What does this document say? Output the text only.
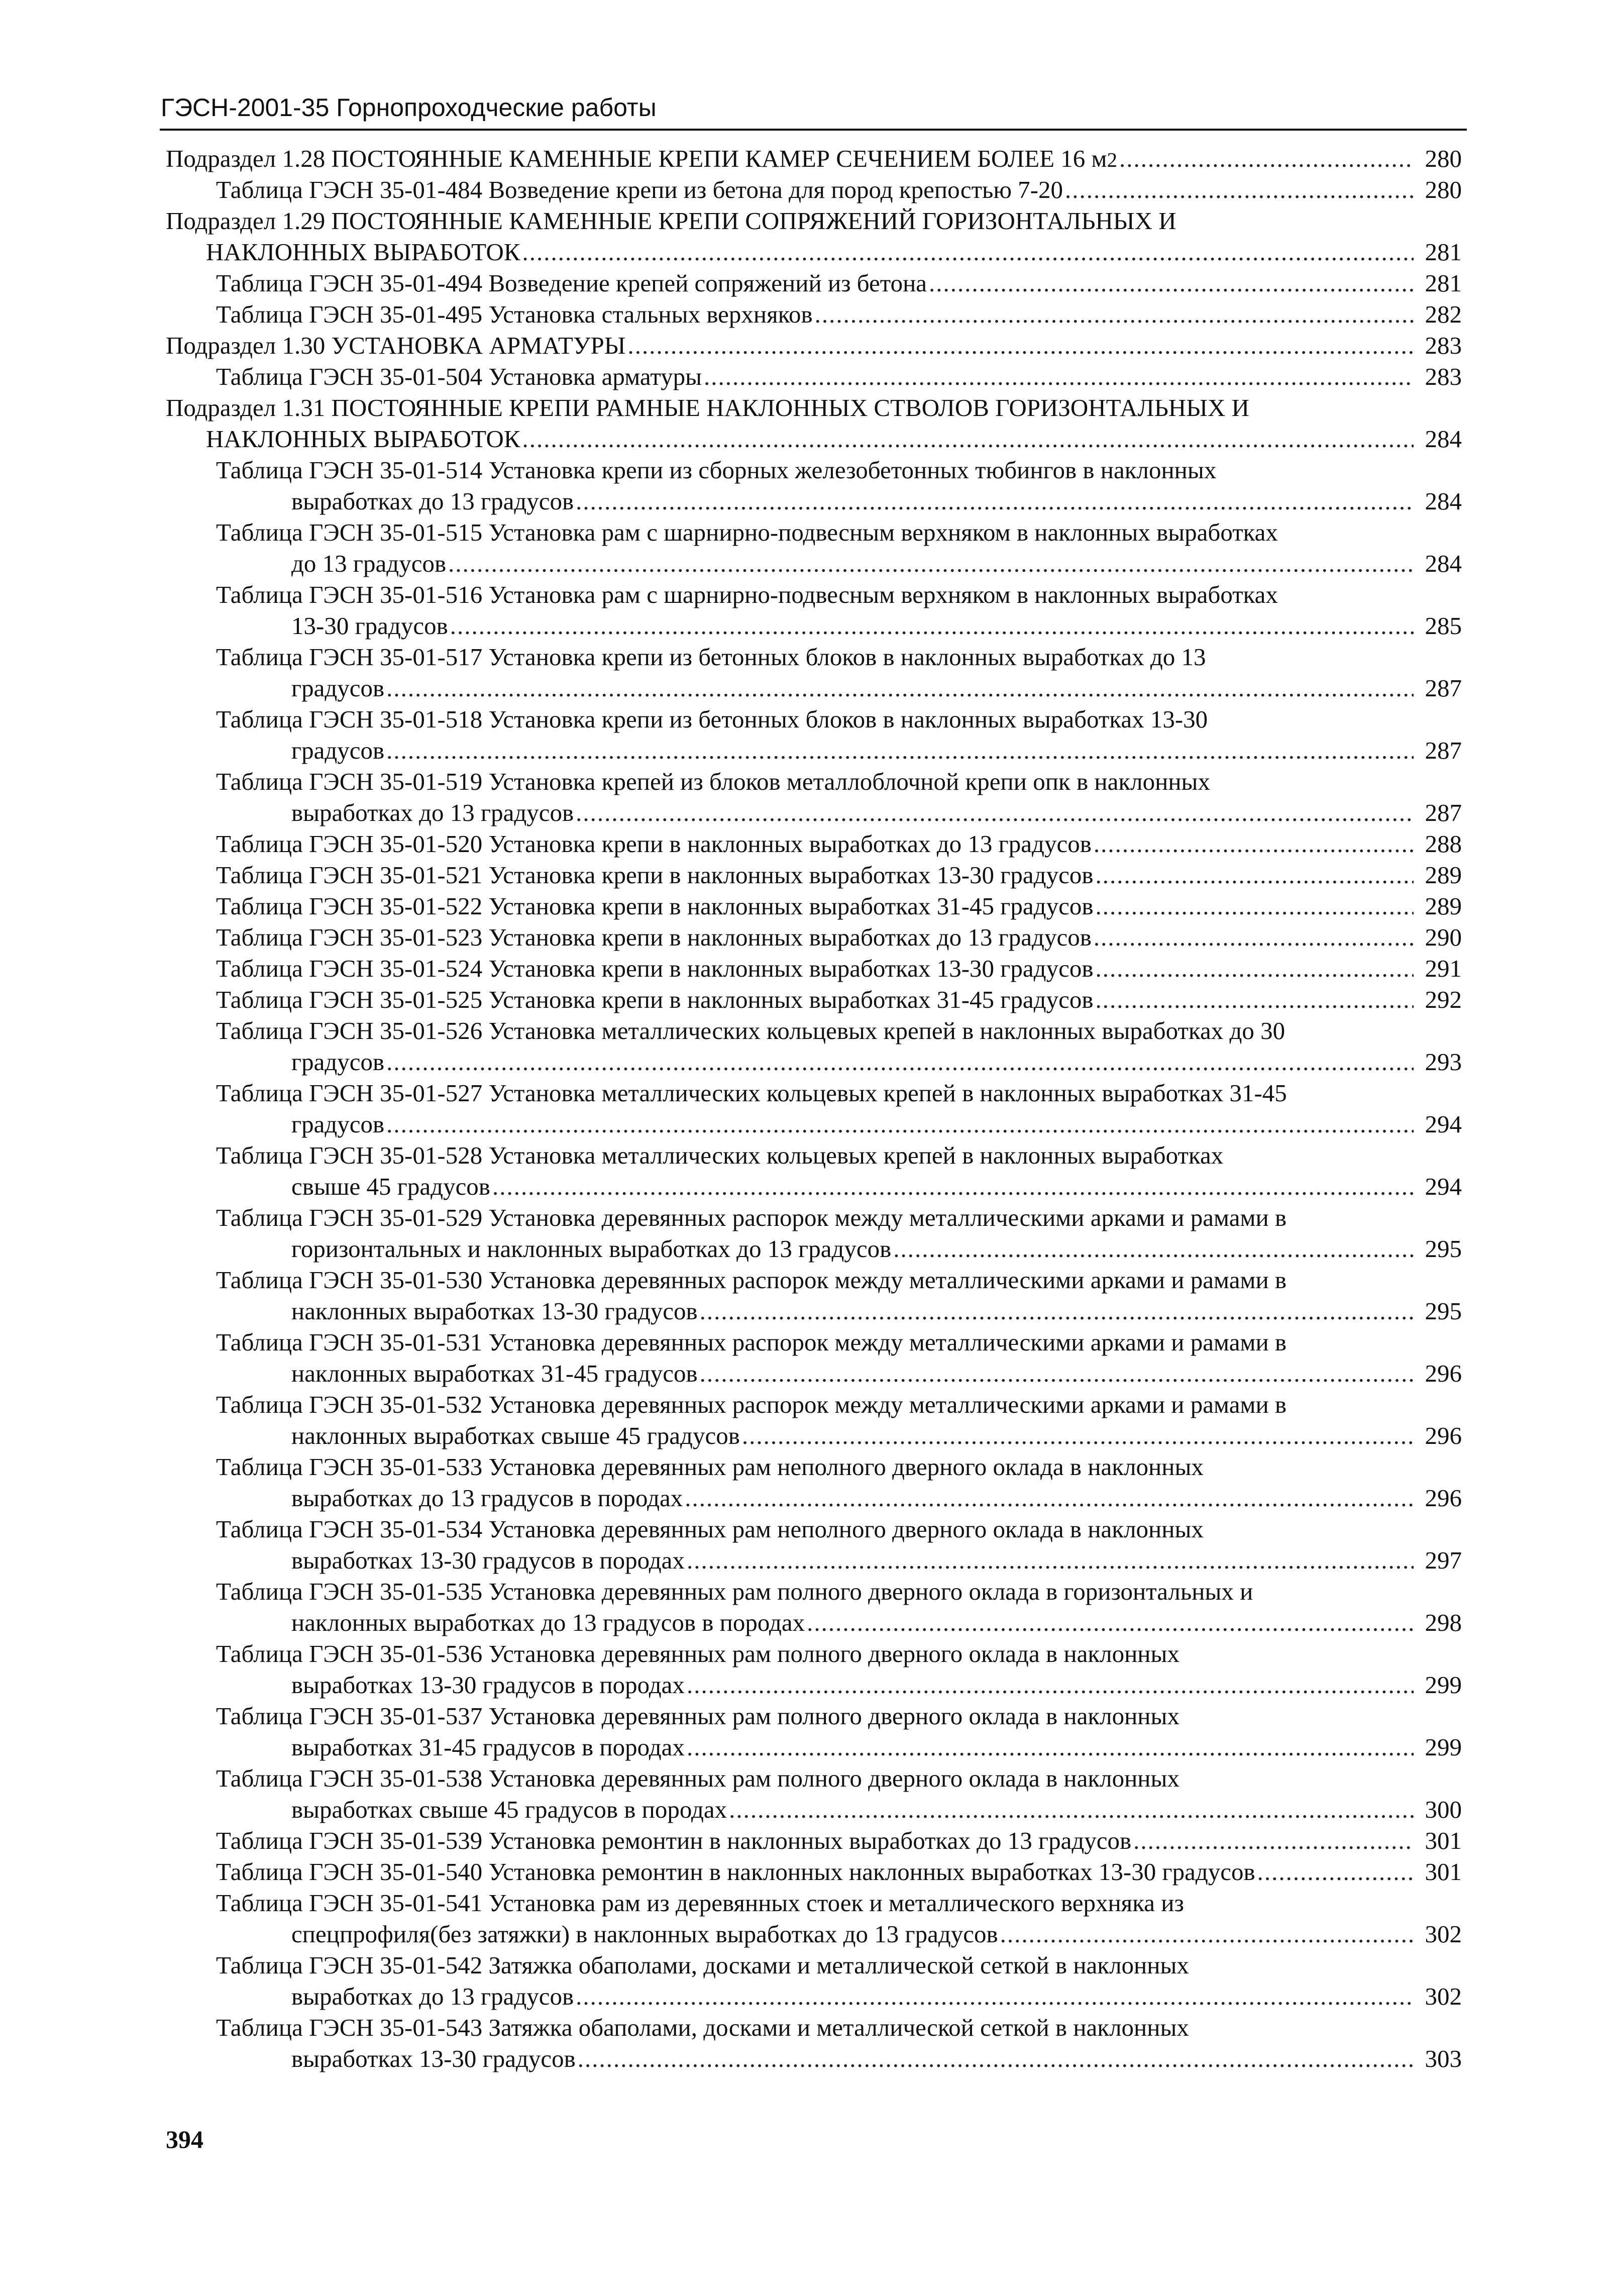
ГЭСН-2001-35 Горнопроходческие работы
Подраздел 1.28 ПОСТОЯННЫЕ КАМЕННЫЕ КРЕПИ КАМЕР СЕЧЕНИЕМ БОЛЕЕ 16 м 2 .....	280
Таблица ГЭСН 35-01-484 Возведение крепи из бетона для пород крепостью 7-20 .....	280
Подраздел 1.29 ПОСТОЯННЫЕ КАМЕННЫЕ КРЕПИ СОПРЯЖЕНИЙ ГОРИЗОНТАЛЬНЫХ И
НАКЛОННЫХ ВЫРАБОТОК .....	281
Таблица ГЭСН 35-01-494 Возведение крепей сопряжений из бетона .....	281
Таблица ГЭСН 35-01-495 Установка стальных верхняков .....	282
Подраздел 1.30 УСТАНОВКА АРМАТУРЫ .....	283
Таблица ГЭСН 35-01-504 Установка арматуры .....	283
Подраздел 1.31 ПОСТОЯННЫЕ КРЕПИ РАМНЫЕ НАКЛОННЫХ СТВОЛОВ ГОРИЗОНТАЛЬНЫХ И
НАКЛОННЫХ ВЫРАБОТОК .....	284
Таблица ГЭСН 35-01-514 Установка крепи из сборных железобетонных тюбингов в наклонных
выработках до 13 градусов .....	284
Таблица ГЭСН 35-01-515 Установка рам с шарнирно-подвесным верхняком в наклонных выработках
до 13 градусов .....	284
Таблица ГЭСН 35-01-516 Установка рам с шарнирно-подвесным верхняком в наклонных выработках
13-30 градусов .....	285
Таблица ГЭСН 35-01-517 Установка крепи из бетонных блоков в наклонных выработках до 13
градусов .....	287
Таблица ГЭСН 35-01-518 Установка крепи из бетонных блоков в наклонных выработках 13-30
градусов .....	287
Таблица ГЭСН 35-01-519 Установка крепей из блоков металлоблочной крепи опк в наклонных
выработках до 13 градусов .....	287
Таблица ГЭСН 35-01-520 Установка крепи в наклонных выработках до 13 градусов .....	288
Таблица ГЭСН 35-01-521 Установка крепи в наклонных выработках 13-30 градусов .....	289
Таблица ГЭСН 35-01-522 Установка крепи в наклонных выработках 31-45 градусов .....	289
Таблица ГЭСН 35-01-523 Установка крепи в наклонных выработках до 13 градусов .....	290
Таблица ГЭСН 35-01-524 Установка крепи в наклонных выработках 13-30 градусов .....	291
Таблица ГЭСН 35-01-525 Установка крепи в наклонных выработках 31-45 градусов .....	292
Таблица ГЭСН 35-01-526 Установка металлических кольцевых крепей в наклонных выработках до 30
градусов .....	293
Таблица ГЭСН 35-01-527 Установка металлических кольцевых крепей в наклонных выработках 31-45
градусов .....	294
Таблица ГЭСН 35-01-528 Установка металлических кольцевых крепей в наклонных выработках
свыше 45 градусов .....	294
Таблица ГЭСН 35-01-529 Установка деревянных распорок между металлическими арками и рамами в
горизонтальных и наклонных выработках до 13 градусов .....	295
Таблица ГЭСН 35-01-530 Установка деревянных распорок между металлическими арками и рамами в
наклонных выработках 13-30 градусов .....	295
Таблица ГЭСН 35-01-531 Установка деревянных распорок между металлическими арками и рамами в
наклонных выработках 31-45 градусов .....	296
Таблица ГЭСН 35-01-532 Установка деревянных распорок между металлическими арками и рамами в
наклонных выработках свыше 45 градусов .....	296
Таблица ГЭСН 35-01-533 Установка деревянных рам неполного дверного оклада в наклонных
выработках до 13 градусов в породах .....	296
Таблица ГЭСН 35-01-534 Установка деревянных рам неполного дверного оклада в наклонных
выработках 13-30 градусов в породах .....	297
Таблица ГЭСН 35-01-535 Установка деревянных рам полного дверного оклада в горизонтальных и
наклонных выработках до 13 градусов в породах .....	298
Таблица ГЭСН 35-01-536 Установка деревянных рам полного дверного оклада в наклонных
выработках 13-30 градусов в породах .....	299
Таблица ГЭСН 35-01-537 Установка деревянных рам полного дверного оклада в наклонных
выработках 31-45 градусов в породах .....	299
Таблица ГЭСН 35-01-538 Установка деревянных рам полного дверного оклада в наклонных
выработках свыше 45 градусов в породах .....	300
Таблица ГЭСН 35-01-539 Установка ремонтин в наклонных выработках до 13 градусов .....	301
Таблица ГЭСН 35-01-540 Установка ремонтин в наклонных наклонных выработках 13-30 градусов .....	301
Таблица ГЭСН 35-01-541 Установка рам из деревянных стоек и металлического верхняка из
спецпрофиля(без затяжки) в наклонных выработках до 13 градусов .....	302
Таблица ГЭСН 35-01-542 Затяжка обаполами, досками и металлической сеткой в наклонных
выработках до 13 градусов .....	302
Таблица ГЭСН 35-01-543 Затяжка обаполами, досками и металлической сеткой в наклонных
выработках 13-30 градусов .....	303
394
